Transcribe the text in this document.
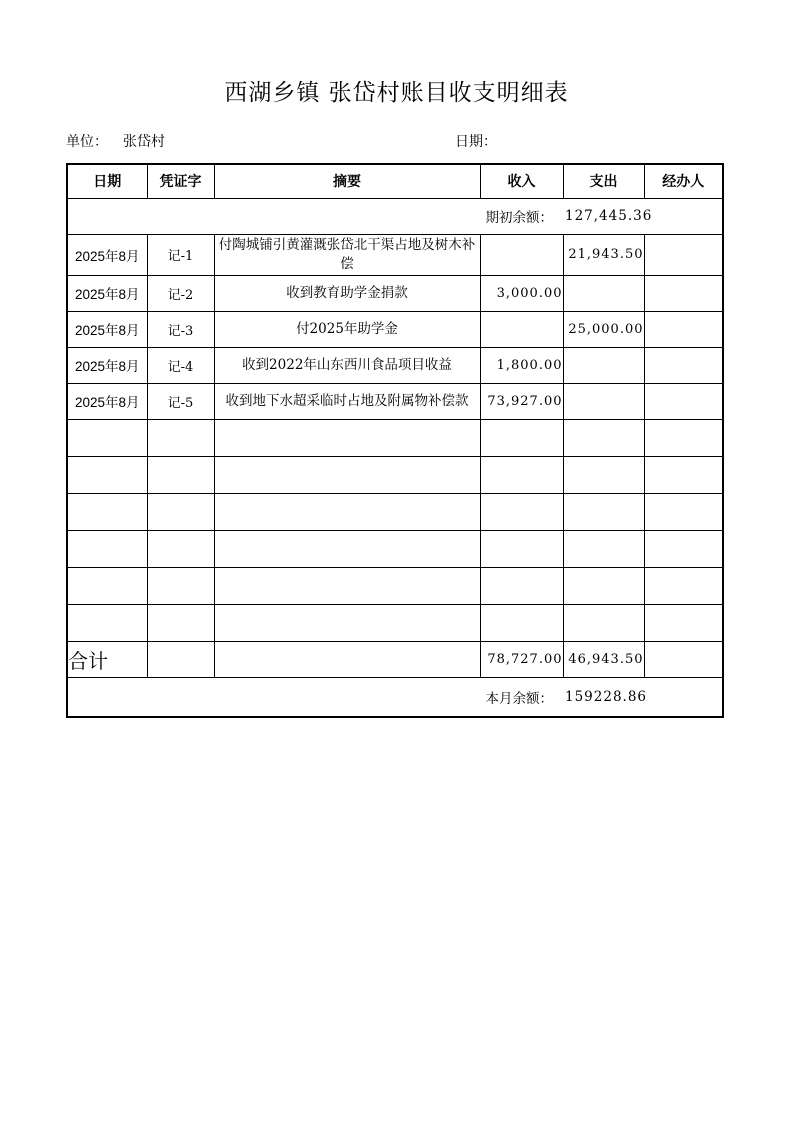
西湖乡镇 张岱村账目收支明细表
单位： 张岱村	日期：
日期	凭证字	摘要	收入	支出	经办人

期初余额： 127,445.36					

2025年8月	记-1	付陶城铺引黄灌溉张岱北干渠占地及树木补偿		21,943.50	
2025年8月	记-2	收到教育助学金捐款	3,000.00		
2025年8月	记-3	付2025年助学金		25,000.00	
2025年8月	记-4	收到2022年山东西川食品项目收益	1,800.00		
2025年8月	记-5	收到地下水超采临时占地及附属物补偿款	73,927.00		

合计			78,727.00	46,943.50	

本月余额： 159228.86					
